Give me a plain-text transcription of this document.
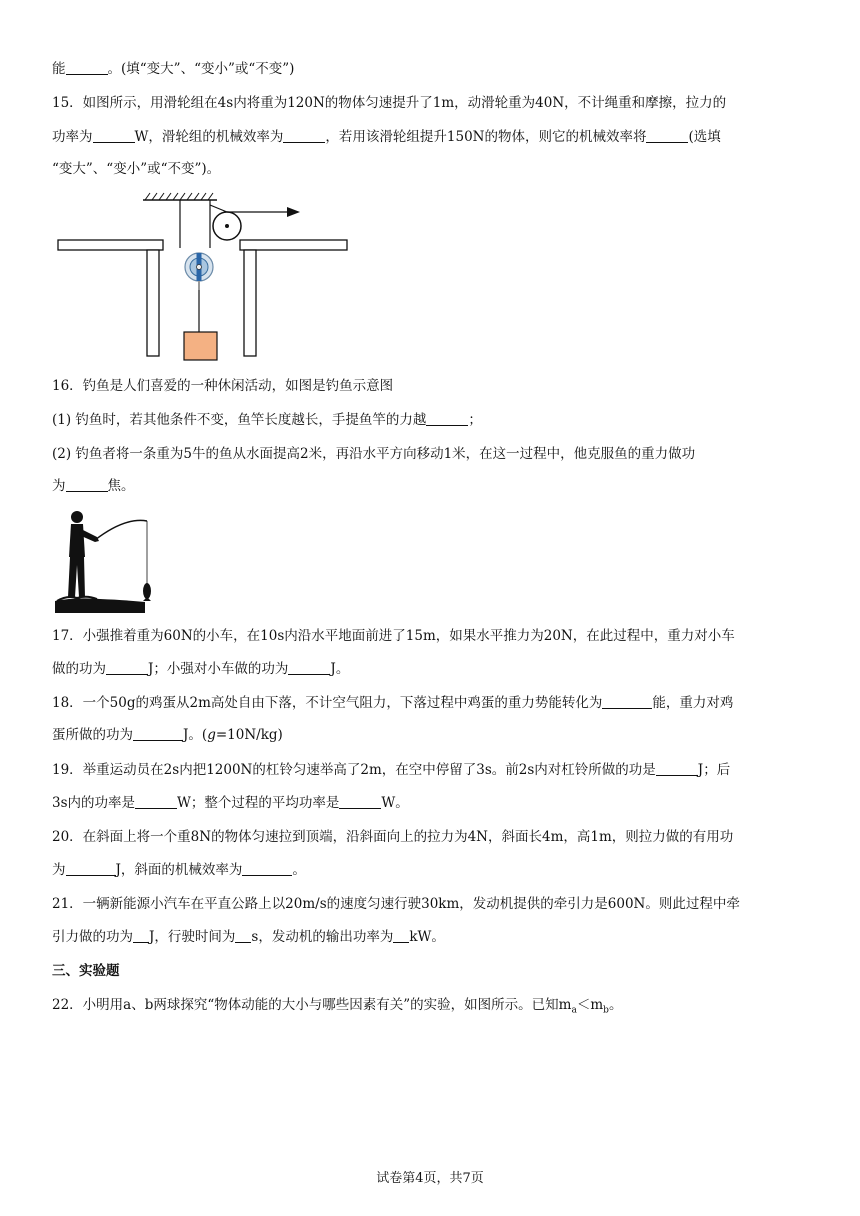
能	。(填“变大”、“变小”或“不变”)
15．如图所示，用滑轮组在4s内将重为120N的物体匀速提升了1m，动滑轮重为40N，不计绳重和摩擦，拉力的
功率为	W，滑轮组的机械效率为	，若用该滑轮组提升150N的物体，则它的机械效率将	(选填
“变大”、“变小”或“不变”)。
16．钓鱼是人们喜爱的一种休闲活动，如图是钓鱼示意图
(1) 钓鱼时，若其他条件不变，鱼竿长度越长，手提鱼竿的力越	；
(2) 钓鱼者将一条重为5牛的鱼从水面提高2米，再沿水平方向移动1米，在这一过程中，他克服鱼的重力做功
为	焦。
17．小强推着重为60N的小车，在10s内沿水平地面前进了15m，如果水平推力为20N，在此过程中，重力对小车
做的功为	J；小强对小车做的功为	J。
18．一个50g的鸡蛋从2m高处自由下落，不计空气阻力，下落过程中鸡蛋的重力势能转化为	能，重力对鸡
蛋所做的功为	J。(g=10N/kg)
19．举重运动员在2s内把1200N的杠铃匀速举高了2m，在空中停留了3s。前2s内对杠铃所做的功是	J；后
3s内的功率是	W；整个过程的平均功率是	W。
20．在斜面上将一个重8N的物体匀速拉到顶端，沿斜面向上的拉力为4N，斜面长4m，高1m，则拉力做的有用功
为	J，斜面的机械效率为	。
21．一辆新能源小汽车在平直公路上以20m/s的速度匀速行驶30km，发动机提供的牵引力是600N。则此过程中牵
引力做的功为 J，行驶时间为 s，发动机的输出功率为 kW。
三、实验题
22．小明用a、b两球探究“物体动能的大小与哪些因素有关”的实验，如图所示。已知$m_a<m_b$。
试卷第4页，共7页
